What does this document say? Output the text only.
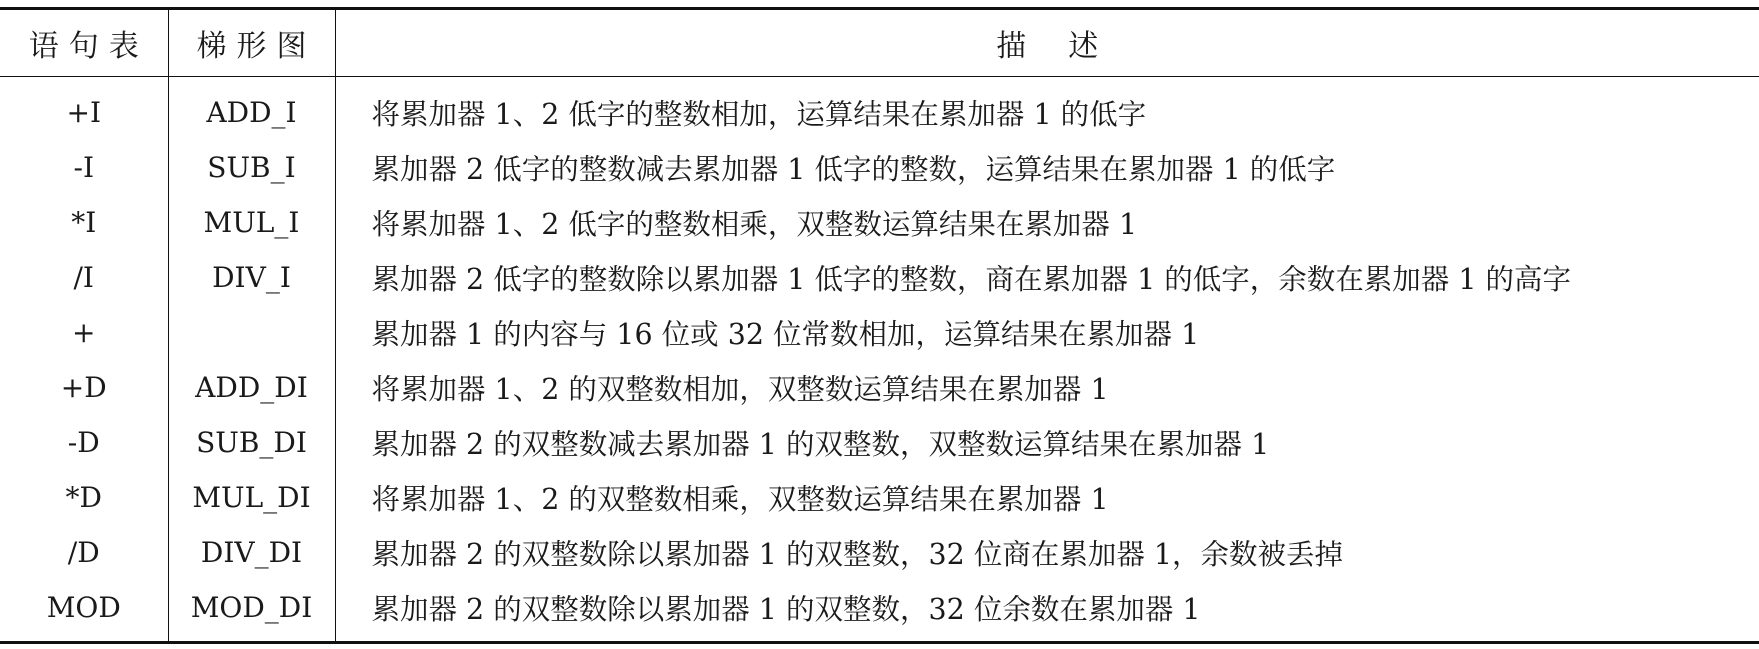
语句表	梯形图	描述
+I	ADD_I	将累加器 1、2 低字的整数相加，运算结果在累加器 1 的低字
-I	SUB_I	累加器 2 低字的整数减去累加器 1 低字的整数，运算结果在累加器 1 的低字
*I	MUL_I	将累加器 1、2 低字的整数相乘，双整数运算结果在累加器 1
/I	DIV_I	累加器 2 低字的整数除以累加器 1 低字的整数，商在累加器 1 的低字，余数在累加器 1 的高字
+		累加器 1 的内容与 16 位或 32 位常数相加，运算结果在累加器 1
+D	ADD_DI	将累加器 1、2 的双整数相加，双整数运算结果在累加器 1
-D	SUB_DI	累加器 2 的双整数减去累加器 1 的双整数，双整数运算结果在累加器 1
*D	MUL_DI	将累加器 1、2 的双整数相乘，双整数运算结果在累加器 1
/D	DIV_DI	累加器 2 的双整数除以累加器 1 的双整数，32 位商在累加器 1，余数被丢掉
MOD	MOD_DI	累加器 2 的双整数除以累加器 1 的双整数，32 位余数在累加器 1
